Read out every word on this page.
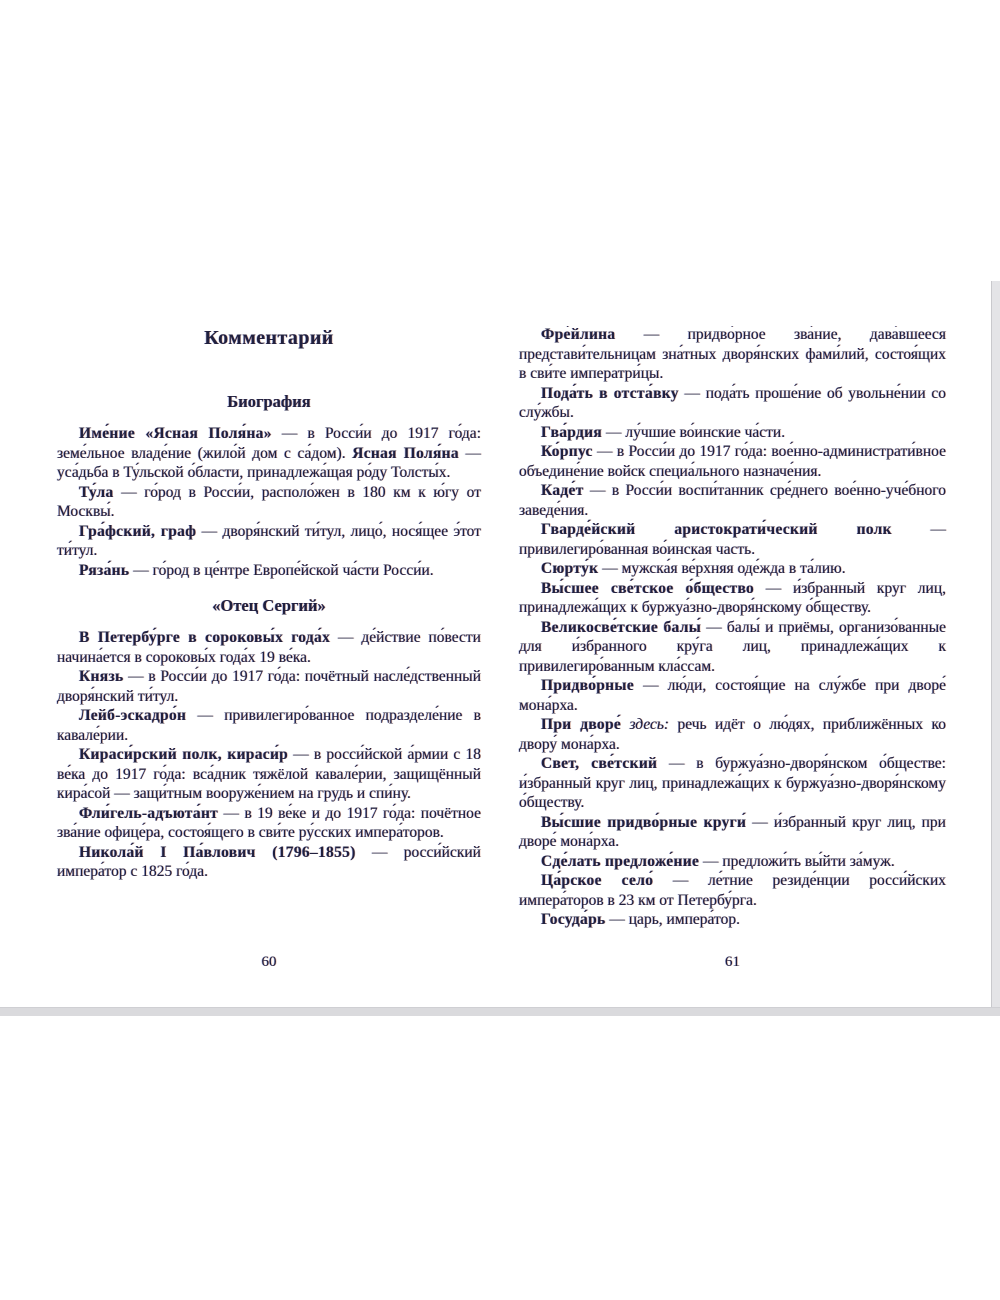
Комментарий
Биография

Име́ние «Ясная Поля́на» — в Росси́и до 1917 го́да: земе́льное владе́ние (жило́й дом с са́дом). Ясная Поля́на — уса́дьба в Ту́льской о́бласти, принадлежа́щая ро́ду Толсты́х.

Ту́ла — го́род в Росси́и, располо́жен в 180 км к ю́гу от Москвы́.

Гра́фский, граф — дворя́нский ти́тул, лицо́, нося́щее э́тот ти́тул.

Ряза́нь — го́род в це́нтре Европе́йской ча́сти Росси́и.

«Отец Сергий»

В Петербу́рге в сороковы́х года́х — де́йствие по́вести начина́ется в сороковы́х года́х 19 ве́ка.

Князь — в Росси́и до 1917 го́да: почётный насле́дственный дворя́нский ти́тул.

Лейб-эскадро́н — привилегиро́ванное подразделе́ние в кавале́рии.

Кираси́рский полк, кираси́р — в росси́йской а́рмии с 18 ве́ка до 1917 го́да: вса́дник тяжёлой кавале́рии, защищённый кира́сой — защи́тным вооруже́нием на грудь и спи́ну.

Фли́гель-адъюта́нт — в 19 ве́ке и до 1917 го́да: почётное зва́ние офице́ра, состоя́щего в сви́те ру́сских импера́торов.

Никола́й I Па́влович (1796–1855) — росси́йский импера́тор с 1825 го́да.

Фре́йлина — придво́рное зва́ние, дава́вшееся представи́тельницам зна́тных дворя́нских фами́лий, состоя́щих в сви́те императри́цы.

Пода́ть в отста́вку — пода́ть проше́ние об увольне́нии со слу́жбы.

Гва́рдия — лу́чшие во́инские ча́сти.

Ко́рпус — в Росси́и до 1917 го́да: вое́нно-администрати́вное объедине́ние войск специа́льного назначе́ния.

Каде́т — в Росси́и воспи́танник сре́днего вое́нно-уче́бного заведе́ния.

Гварде́йский аристократи́ческий полк — привилегиро́ванная во́инская часть.

Сюрту́к — мужска́я ве́рхняя оде́жда в та́лию.

Вы́сшее све́тское о́бщество — и́збранный круг лиц, принадлежа́щих к буржуа́зно-дворя́нскому о́бществу.

Великосве́тские балы́ — балы́ и приёмы, организо́ванные для и́збранного кру́га лиц, принадлежа́щих к привилегиро́ванным кла́ссам.

Придво́рные — лю́ди, состоя́щие на слу́жбе при дворе́ мона́рха.

При дворе́ здесь: речь идёт о лю́дях, приближённых ко двору́ мона́рха.

Свет, све́тский — в буржуа́зно-дворя́нском о́бществе: и́збранный круг лиц, принадлежа́щих к буржуа́зно-дворя́нскому о́бществу.

Вы́сшие придво́рные круги́ — и́збранный круг лиц, при дворе́ мона́рха.

Сде́лать предложе́ние — предложи́ть вы́йти за́муж.

Ца́рское село́ — ле́тние резиде́нции росси́йских импера́торов в 23 км от Петербу́рга.

Госуда́рь — царь, импера́тор.

60	61
